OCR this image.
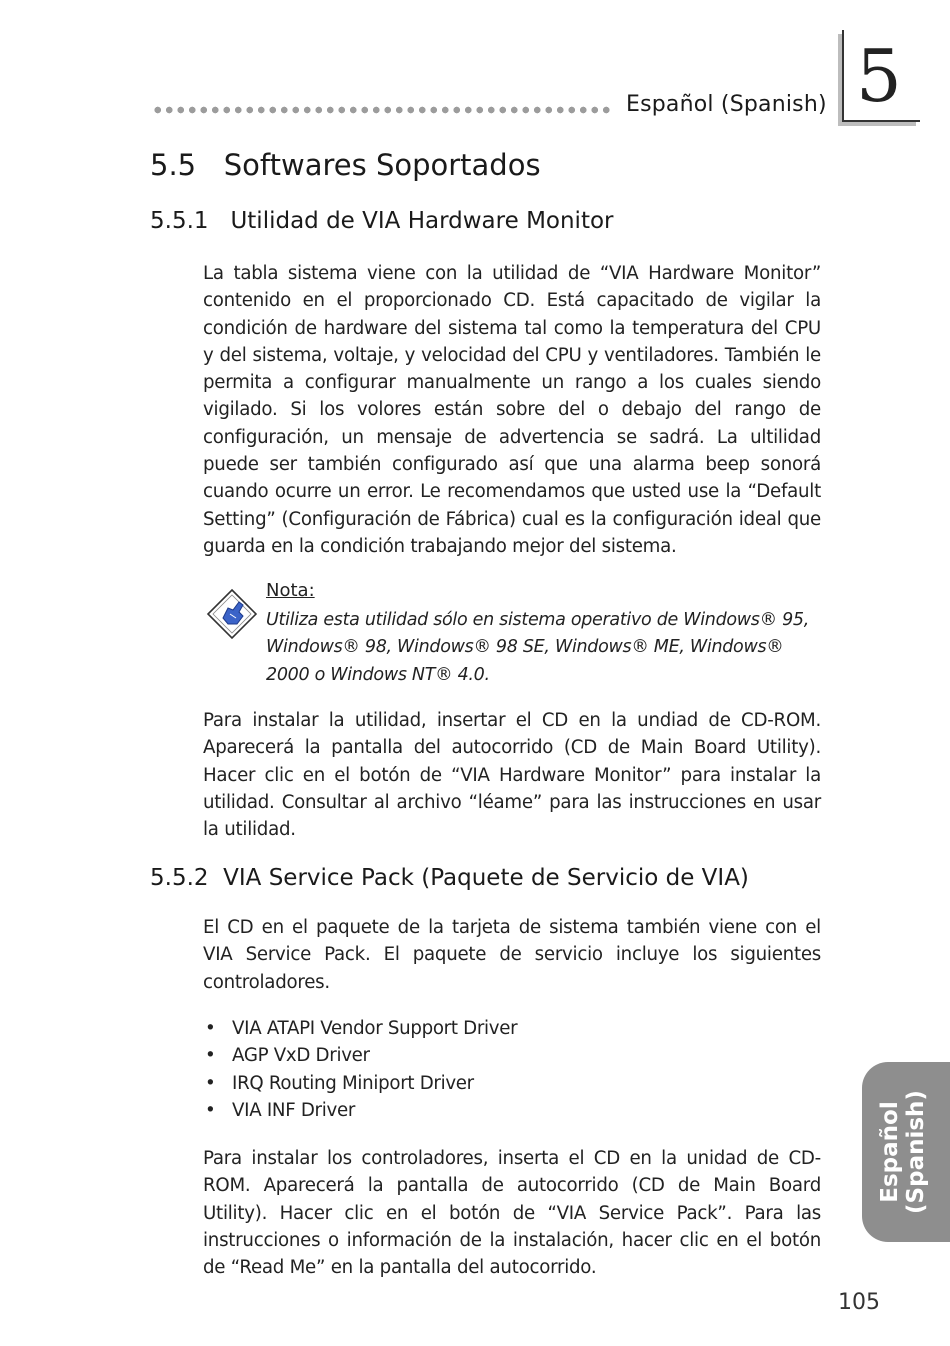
Español (Spanish) 5
5.5   Softwares Soportados
5.5.1   Utilidad de VIA Hardware Monitor
La tabla sistema viene con la utilidad de “VIA Hardware Monitor” contenido en el proporcionado CD. Está capacitado de vigilar la condición de hardware del sistema tal como la temperatura del CPU y del sistema, voltaje, y velocidad del CPU y ventiladores. También le permita a configurar manualmente un rango a los cuales siendo vigilado. Si los volores están sobre del o debajo del rango de configuración, un mensaje de advertencia se sadrá. La ultilidad puede ser también configurado así que una alarma beep sonorá cuando ocurre un error. Le recomendamos que usted use la “Default Setting” (Configuración de Fábrica) cual es la configuración ideal que guarda en la condición trabajando mejor del sistema.
Nota:
Utiliza esta utilidad sólo en sistema operativo de Windows® 95, Windows® 98, Windows® 98 SE, Windows® ME, Windows® 2000 o Windows NT® 4.0.
Para instalar la utilidad, insertar el CD en la undiad de CD-ROM. Aparecerá la pantalla del autocorrido (CD de Main Board Utility). Hacer clic en el botón de “VIA Hardware Monitor” para instalar la utilidad. Consultar al archivo “léame” para las instrucciones en usar la utilidad.
5.5.2  VIA Service Pack (Paquete de Servicio de VIA)
El CD en el paquete de la tarjeta de sistema también viene con el VIA Service Pack. El paquete de servicio incluye los siguientes controladores.
• VIA ATAPI Vendor Support Driver
• AGP VxD Driver
• IRQ Routing Miniport Driver
• VIA INF Driver
Para instalar los controladores, inserta el CD en la unidad de CD-ROM. Aparecerá la pantalla de autocorrido (CD de Main Board Utility). Hacer clic en el botón de “VIA Service Pack”. Para las instrucciones o información de la instalación, hacer clic en el botón de “Read Me” en la pantalla del autocorrido.
Español (Spanish)
105
